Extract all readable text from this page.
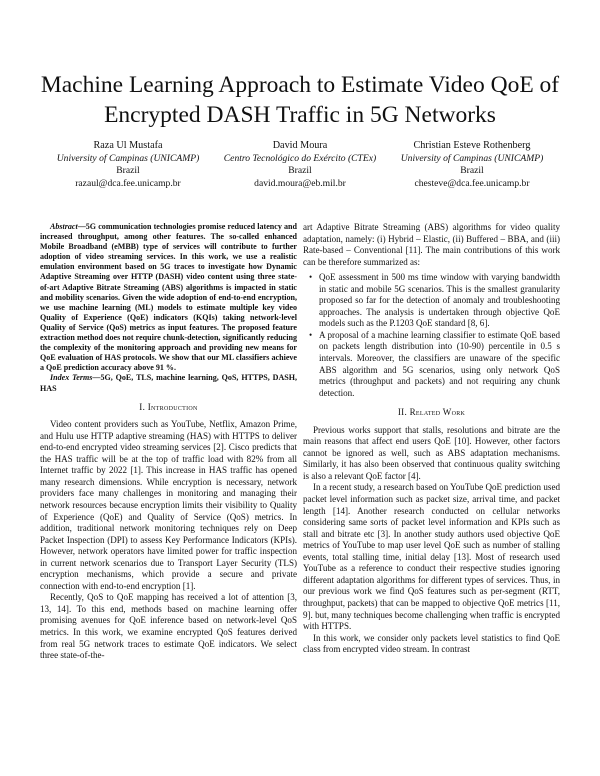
Machine Learning Approach to Estimate Video QoE of Encrypted DASH Traffic in 5G Networks
Raza Ul Mustafa
University of Campinas (UNICAMP)
Brazil
razaul@dca.fee.unicamp.br
David Moura
Centro Tecnológico do Exército (CTEx)
Brazil
david.moura@eb.mil.br
Christian Esteve Rothenberg
University of Campinas (UNICAMP)
Brazil
chesteve@dca.fee.unicamp.br

Abstract—5G communication technologies promise reduced latency and increased throughput, among other features. The so-called enhanced Mobile Broadband (eMBB) type of services will contribute to further adoption of video streaming services. In this work, we use a realistic emulation environment based on 5G traces to investigate how Dynamic Adaptive Streaming over HTTP (DASH) video content using three state-of-art Adaptive Bitrate Streaming (ABS) algorithms is impacted in static and mobility scenarios. Given the wide adoption of end-to-end encryption, we use machine learning (ML) models to estimate multiple key video Quality of Experience (QoE) indicators (KQIs) taking network-level Quality of Service (QoS) metrics as input features. The proposed feature extraction method does not require chunk-detection, significantly reducing the complexity of the monitoring approach and providing new means for QoE evaluation of HAS protocols. We show that our ML classifiers achieve a QoE prediction accuracy above 91 %.

Index Terms—5G, QoE, TLS, machine learning, QoS, HTTPS, DASH, HAS

I. Introduction

Video content providers such as YouTube, Netflix, Amazon Prime, and Hulu use HTTP adaptive streaming (HAS) with HTTPS to deliver end-to-end encrypted video streaming services [2]. Cisco predicts that the HAS traffic will be at the top of traffic load with 82% from all Internet traffic by 2022 [1]. This increase in HAS traffic has opened many research dimensions. While encryption is necessary, network providers face many challenges in monitoring and managing their network resources because encryption limits their visibility to Quality of Experience (QoE) and Quality of Service (QoS) metrics. In addition, traditional network monitoring techniques rely on Deep Packet Inspection (DPI) to assess Key Performance Indicators (KPIs). However, network operators have limited power for traffic inspection in current network scenarios due to Transport Layer Security (TLS) encryption mechanisms, which provide a secure and private connection with end-to-end encryption [1].

Recently, QoS to QoE mapping has received a lot of attention [3, 13, 14]. To this end, methods based on machine learning offer promising avenues for QoE inference based on network-level QoS metrics. In this work, we examine encrypted QoS features derived from real 5G network traces to estimate QoE indicators. We select three state-of-the-

art Adaptive Bitrate Streaming (ABS) algorithms for video quality adaptation, namely: (i) Hybrid – Elastic, (ii) Buffered – BBA, and (iii) Rate-based – Conventional [11]. The main contributions of this work can be therefore summarized as:

• QoE assessment in 500 ms time window with varying bandwidth in static and mobile 5G scenarios. This is the smallest granularity proposed so far for the detection of anomaly and troubleshooting approaches. The analysis is undertaken through objective QoE models such as the P.1203 QoE standard [8, 6].
• A proposal of a machine learning classifier to estimate QoE based on packets length distribution into (10-90) percentile in 0.5 s intervals. Moreover, the classifiers are unaware of the specific ABS algorithm and 5G scenarios, using only network QoS metrics (throughput and packets) and not requiring any chunk detection.
II. Related Work

Previous works support that stalls, resolutions and bitrate are the main reasons that affect end users QoE [10]. However, other factors cannot be ignored as well, such as ABS adaptation mechanisms. Similarly, it has also been observed that continuous quality switching is also a relevant QoE factor [4].

In a recent study, a research based on YouTube QoE prediction used packet level information such as packet size, arrival time, and packet length [14]. Another research conducted on cellular networks considering same sorts of packet level information and KPIs such as stall and bitrate etc [3]. In another study authors used objective QoE metrics of YouTube to map user level QoE such as number of stalling events, total stalling time, initial delay [13]. Most of research used YouTube as a reference to conduct their respective studies ignoring different adaptation algorithms for different types of services. Thus, in our previous work we find QoS features such as per-segment (RTT, throughput, packets) that can be mapped to objective QoE metrics [11, 9]. but, many techniques become challenging when traffic is encrypted with HTTPS.

In this work, we consider only packets level statistics to find QoE class from encrypted video stream. In contrast
